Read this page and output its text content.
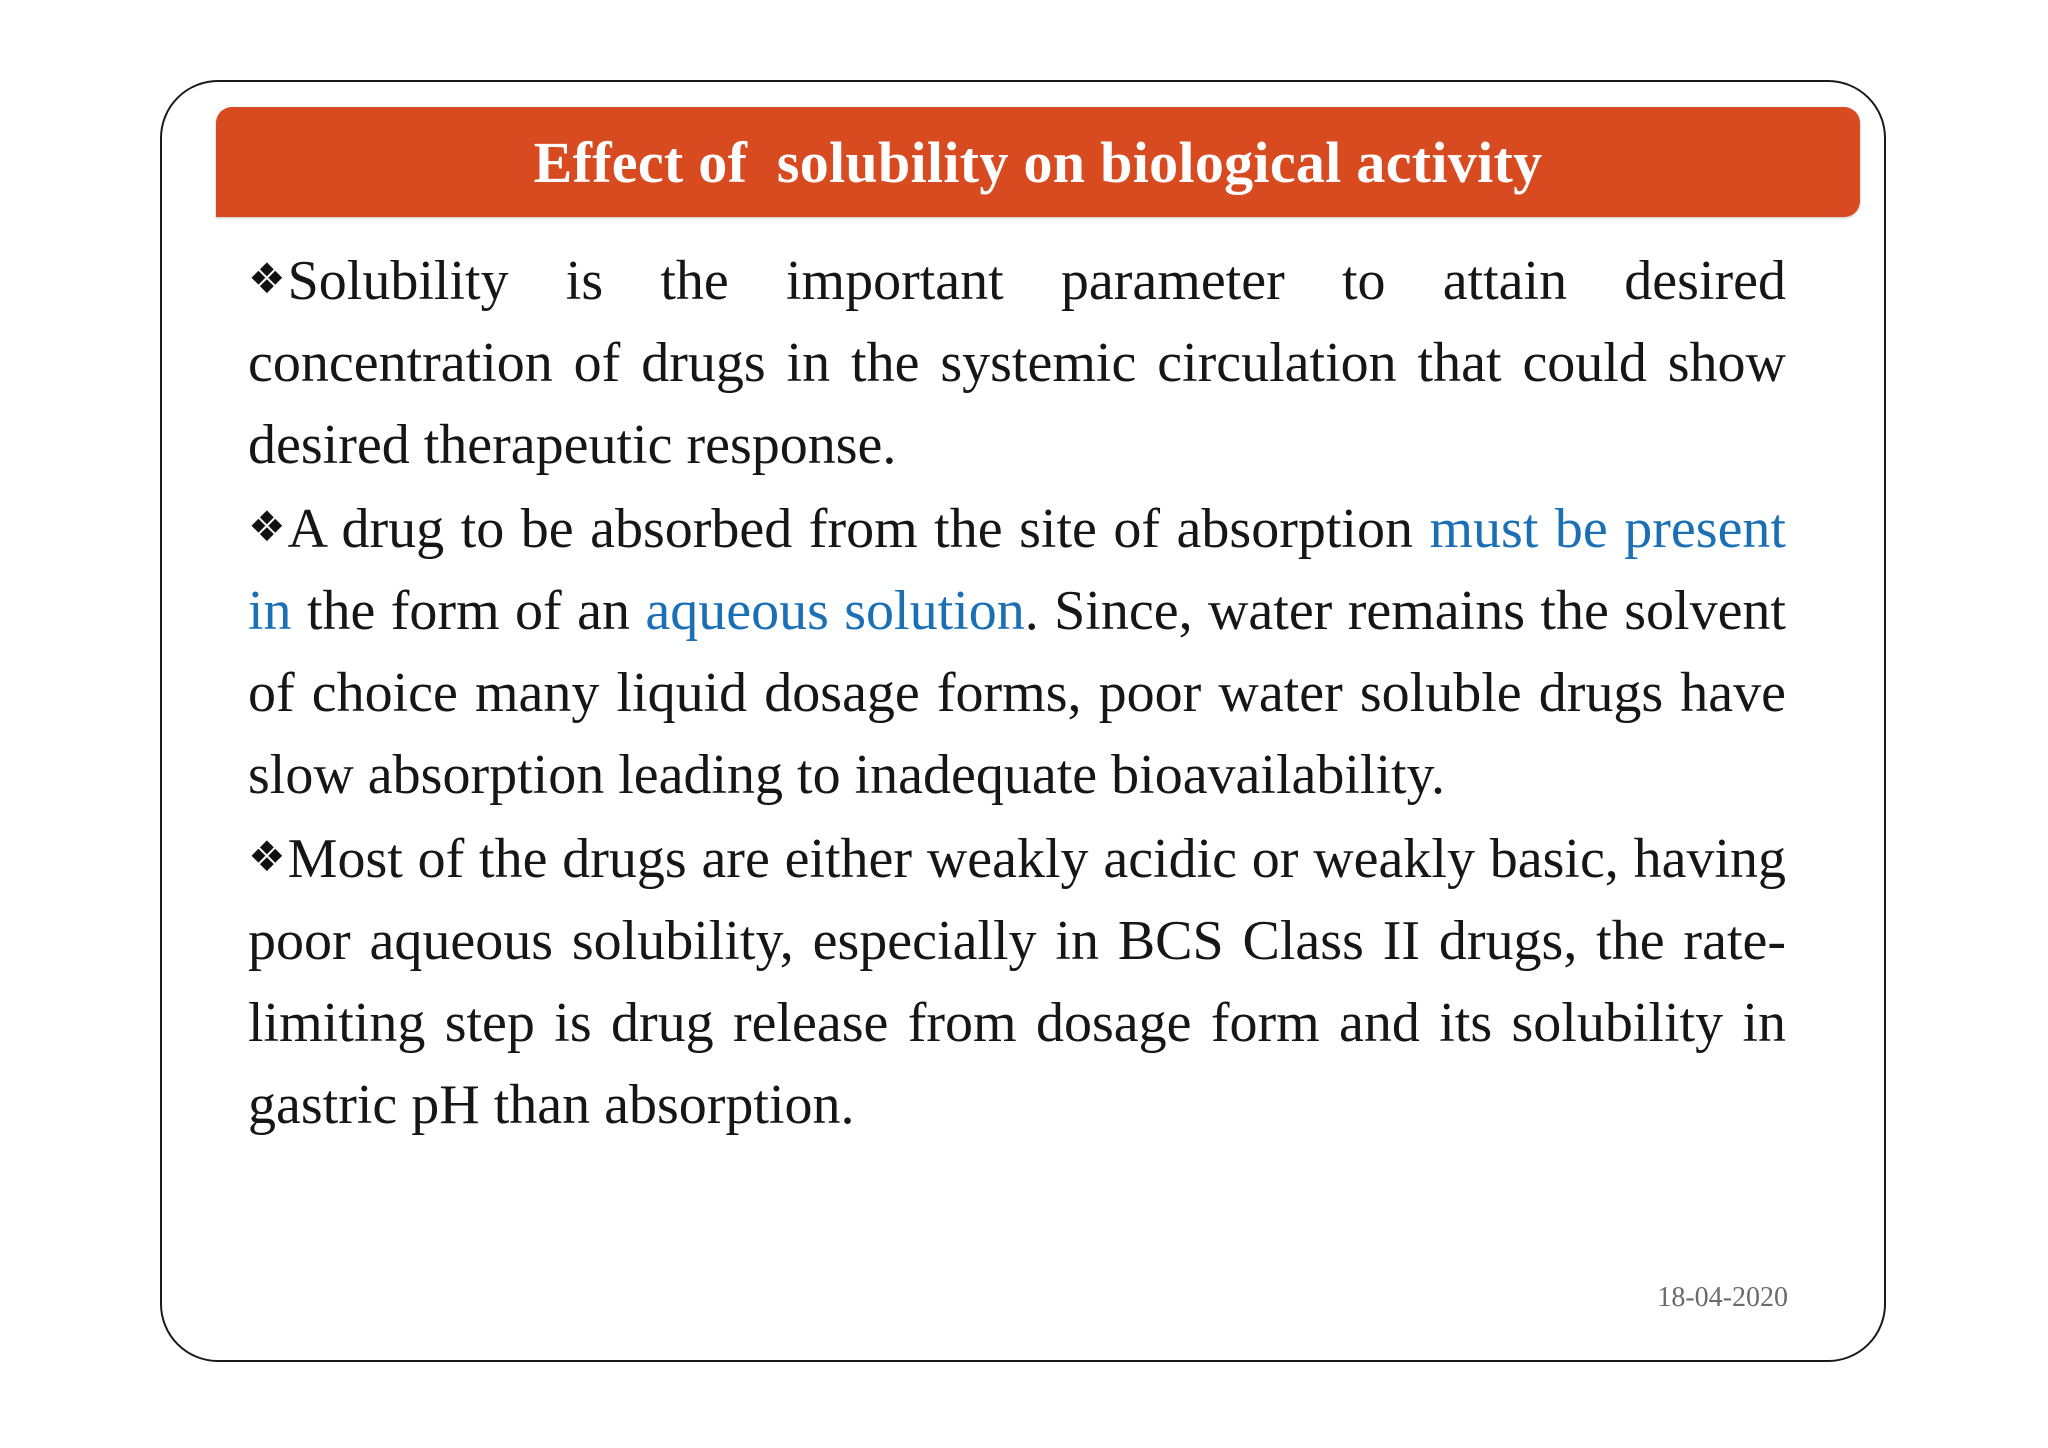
Effect of  solubility on biological activity

❖Solubility is the important parameter to attain desired concentration of drugs in the systemic circulation that could show desired therapeutic response.

❖A drug to be absorbed from the site of absorption must be present in the form of an aqueous solution. Since, water remains the solvent of choice many liquid dosage forms, poor water soluble drugs have slow absorption leading to inadequate bioavailability.

❖Most of the drugs are either weakly acidic or weakly basic, having poor aqueous solubility, especially in BCS Class II drugs, the rate-limiting step is drug release from dosage form and its solubility in gastric pH than absorption.

18-04-2020
